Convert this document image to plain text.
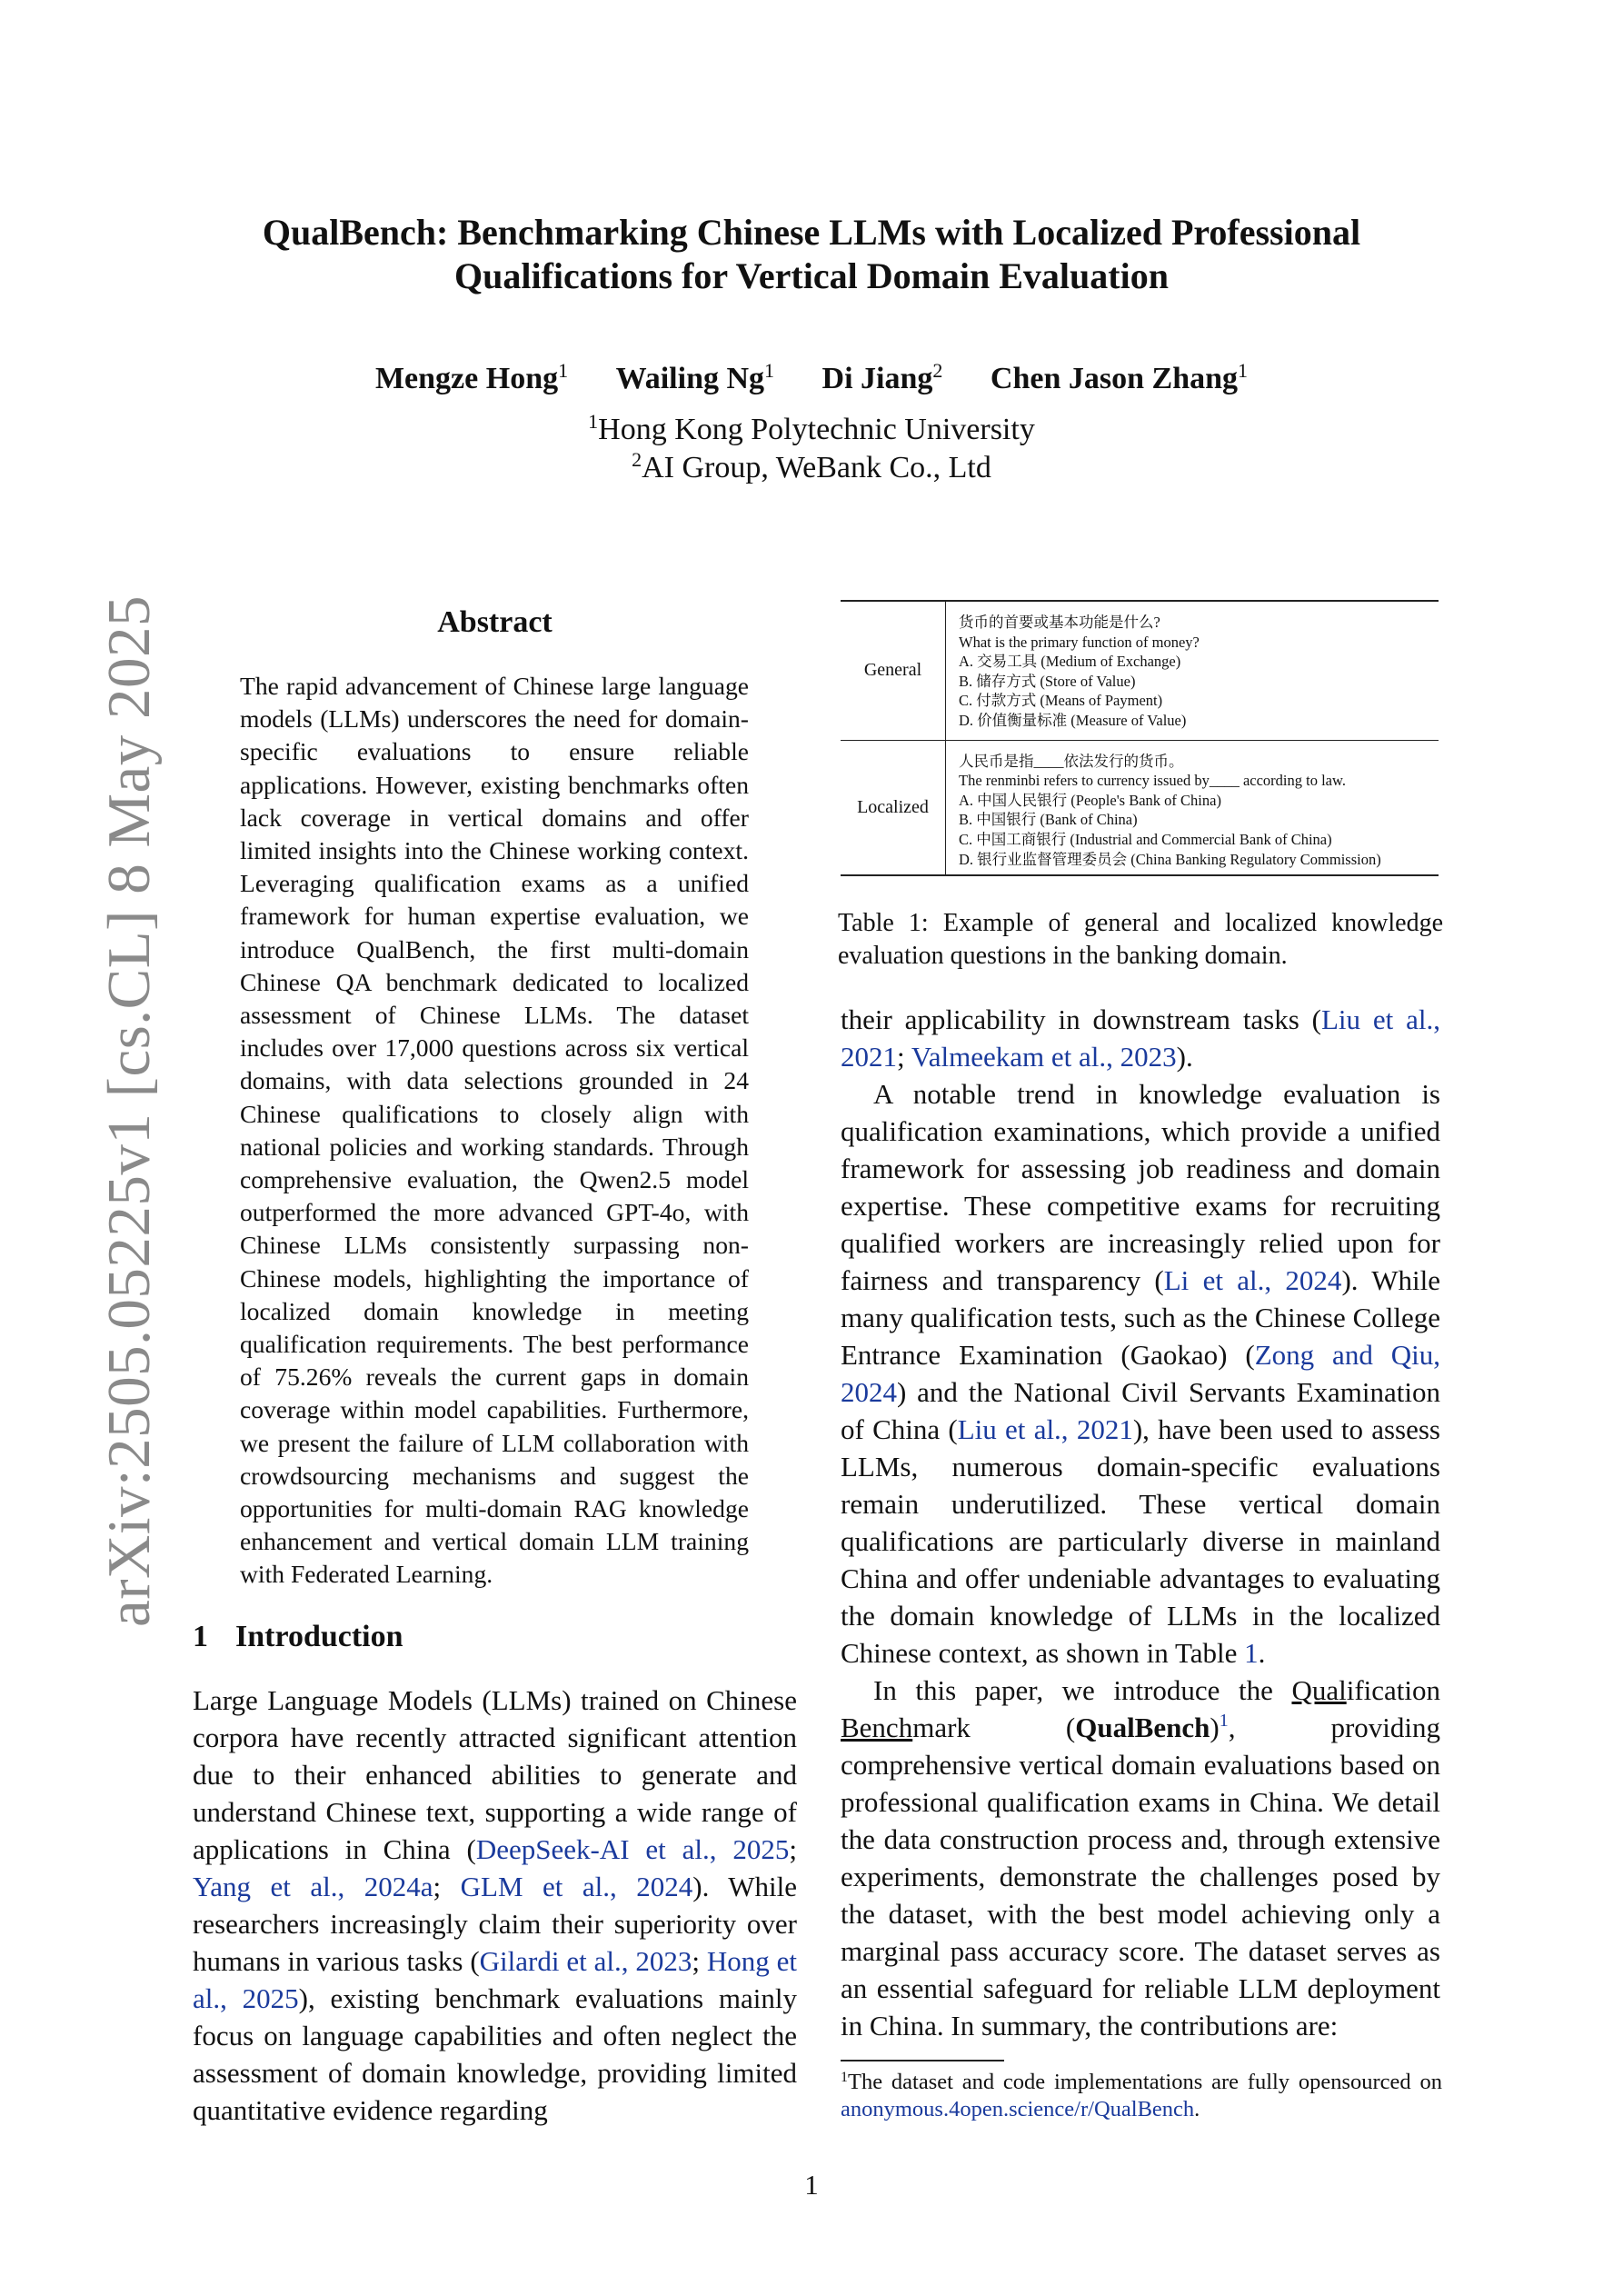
QualBench: Benchmarking Chinese LLMs with Localized Professional
Qualifications for Vertical Domain Evaluation
Mengze Hong$^1$ Wailing Ng$^1$ Di Jiang$^2$ Chen Jason Zhang$^1$
$^1$Hong Kong Polytechnic University
$^2$AI Group, WeBank Co., Ltd
arXiv:2505.05225v1 [cs.CL] 8 May 2025	Abstract
The rapid advancement of Chinese large language models (LLMs) underscores the need for domain-specific evaluations to ensure reliable applications. However, existing benchmarks often lack coverage in vertical domains and offer limited insights into the Chinese working context. Leveraging qualification exams as a unified framework for human expertise evaluation, we introduce QualBench, the first multi-domain Chinese QA benchmark dedicated to localized assessment of Chinese LLMs. The dataset includes over 17,000 questions across six vertical domains, with data selections grounded in 24 Chinese qualifications to closely align with national policies and working standards. Through comprehensive evaluation, the Qwen2.5 model outperformed the more advanced GPT-4o, with Chinese LLMs consistently surpassing non-Chinese models, highlighting the importance of localized domain knowledge in meeting qualification requirements. The best performance of 75.26% reveals the current gaps in domain coverage within model capabilities. Furthermore, we present the failure of LLM collaboration with crowdsourcing mechanisms and suggest the opportunities for multi-domain RAG knowledge enhancement and vertical domain LLM training with Federated Learning.
1 Introduction
Large Language Models (LLMs) trained on Chinese corpora have recently attracted significant attention due to their enhanced abilities to generate and understand Chinese text, supporting a wide range of applications in China (DeepSeek-AI et al., 2025; Yang et al., 2024a; GLM et al., 2024). While researchers increasingly claim their superiority over humans in various tasks (Gilardi et al., 2023; Hong et al., 2025), existing benchmark evaluations mainly focus on language capabilities and often neglect the assessment of domain knowledge, providing limited quantitative evidence regarding
General
货币的首要或基本功能是什么?
What is the primary function of money?
A. 交易工具 (Medium of Exchange)
B. 储存方式 (Store of Value)
C. 付款方式 (Means of Payment)
D. 价值衡量标准 (Measure of Value)
Localized
人民币是指____依法发行的货币。
The renminbi refers to currency issued by____ according to law.
A. 中国人民银行 (People's Bank of China)
B. 中国银行 (Bank of China)
C. 中国工商银行 (Industrial and Commercial Bank of China)
D. 银行业监督管理委员会 (China Banking Regulatory Commission)
Table 1: Example of general and localized knowledge evaluation questions in the banking domain.
their applicability in downstream tasks (Liu et al., 2021; Valmeekam et al., 2023).
A notable trend in knowledge evaluation is qualification examinations, which provide a unified framework for assessing job readiness and domain expertise. These competitive exams for recruiting qualified workers are increasingly relied upon for fairness and transparency (Li et al., 2024). While many qualification tests, such as the Chinese College Entrance Examination (Gaokao) (Zong and Qiu, 2024) and the National Civil Servants Examination of China (Liu et al., 2021), have been used to assess LLMs, numerous domain-specific evaluations remain underutilized. These vertical domain qualifications are particularly diverse in mainland China and offer undeniable advantages to evaluating the domain knowledge of LLMs in the localized Chinese context, as shown in Table 1.
In this paper, we introduce the Qualification Benchmark (QualBench)$^1$, providing comprehensive vertical domain evaluations based on professional qualification exams in China. We detail the data construction process and, through extensive experiments, demonstrate the challenges posed by the dataset, with the best model achieving only a marginal pass accuracy score. The dataset serves as an essential safeguard for reliable LLM deployment in China. In summary, the contributions are:
$^1$The dataset and code implementations are fully opensourced on anonymous.4open.science/r/QualBench.
1
